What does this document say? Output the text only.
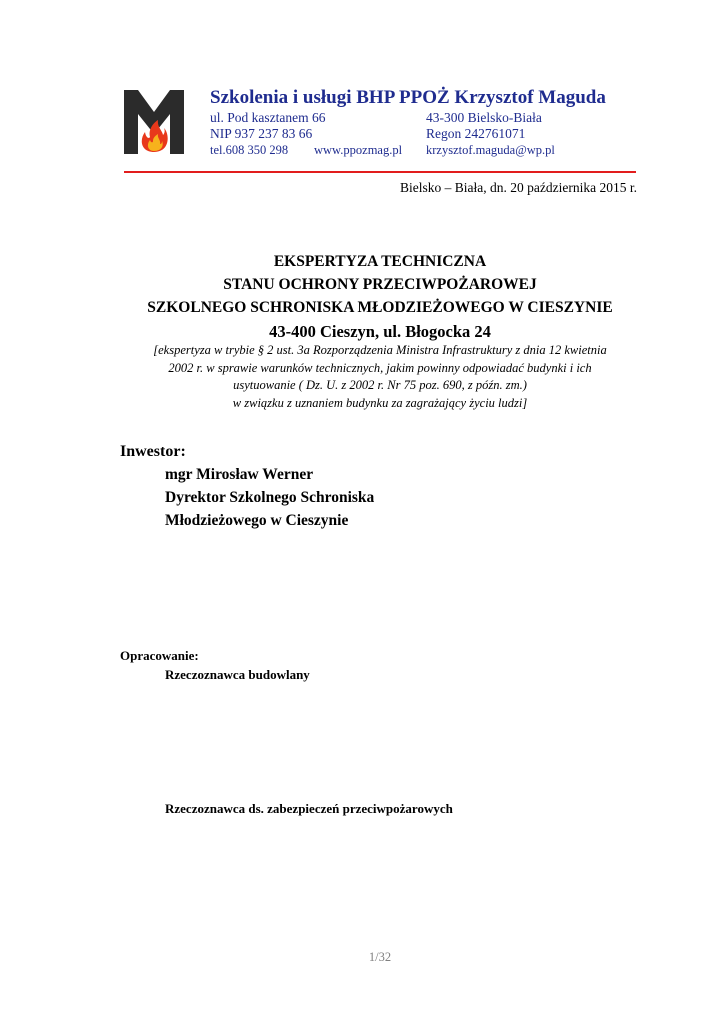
Szkolenia i usługi BHP PPOŻ Krzysztof Maguda
ul. Pod kasztanem 66	43-300 Bielsko-Biała
NIP 937 237 83 66	Regon 242761071
tel.608 350 298 www.ppozmag.pl krzysztof.maguda@wp.pl
Bielsko – Biała, dn. 20 października 2015 r.
EKSPERTYZA TECHNICZNA
STANU OCHRONY PRZECIWPOŻAROWEJ
SZKOLNEGO SCHRONISKA MŁODZIEŻOWEGO W CIESZYNIE
43-400 Cieszyn, ul. Błogocka 24
[ekspertyza w trybie § 2 ust. 3a Rozporządzenia Ministra Infrastruktury z dnia 12 kwietnia
2002 r. w sprawie warunków technicznych, jakim powinny odpowiadać budynki i ich
usytuowanie ( Dz. U. z 2002 r. Nr 75 poz. 690, z późn. zm.)
w związku z uznaniem budynku za zagrażający życiu ludzi]
Inwestor:
mgr Mirosław Werner
Dyrektor Szkolnego Schroniska
Młodzieżowego w Cieszynie
Opracowanie:
Rzeczoznawca budowlany
Rzeczoznawca ds. zabezpieczeń przeciwpożarowych
1/32
